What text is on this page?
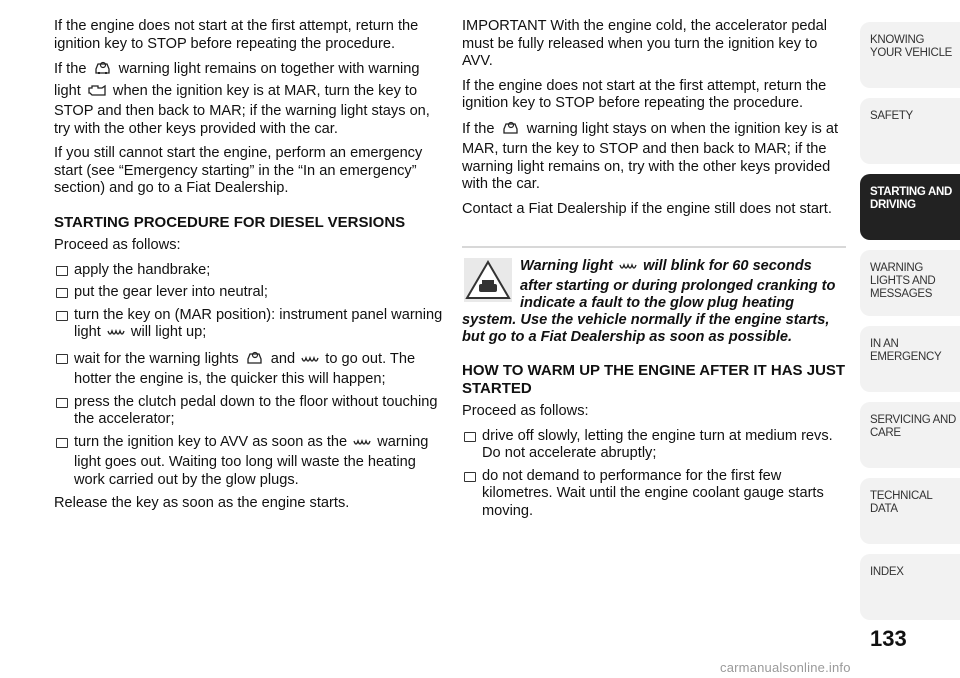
If the engine does not start at the first attempt, return the ignition key to STOP before repeating the procedure.

If the warning light remains on together with warning light when the ignition key is at MAR, turn the key to STOP and then back to MAR; if the warning light stays on, try with the other keys provided with the car.

If you still cannot start the engine, perform an emergency start (see “Emergency starting” in the “In an emergency” section) and go to a Fiat Dealership.

STARTING PROCEDURE FOR DIESEL VERSIONS

Proceed as follows:

apply the handbrake;
put the gear lever into neutral;
turn the key on (MAR position): instrument panel warning light will light up;
wait for the warning lights and to go out. The hotter the engine is, the quicker this will happen;
press the clutch pedal down to the floor without touching the accelerator;
turn the ignition key to AVV as soon as the warning light goes out. Waiting too long will waste the heating work carried out by the glow plugs.

Release the key as soon as the engine starts.

IMPORTANT With the engine cold, the accelerator pedal must be fully released when you turn the ignition key to AVV.

If the engine does not start at the first attempt, return the ignition key to STOP before repeating the procedure.

If the warning light stays on when the ignition key is at MAR, turn the key to STOP and then back to MAR; if the warning light remains on, try with the other keys provided with the car.

Contact a Fiat Dealership if the engine still does not start.

Warning light will blink for 60 seconds after starting or during prolonged cranking to indicate a fault to the glow plug heating system. Use the vehicle normally if the engine starts, but go to a Fiat Dealership as soon as possible.
HOW TO WARM UP THE ENGINE AFTER IT HAS JUST STARTED

Proceed as follows:

drive off slowly, letting the engine turn at medium revs. Do not accelerate abruptly;
do not demand to performance for the first few kilometres. Wait until the engine coolant gauge starts moving.
KNOWING YOUR VEHICLE
SAFETY
STARTING AND DRIVING
WARNING LIGHTS AND MESSAGES
IN AN EMERGENCY
SERVICING AND CARE
TECHNICAL DATA
INDEX
133
carmanualsonline.info
